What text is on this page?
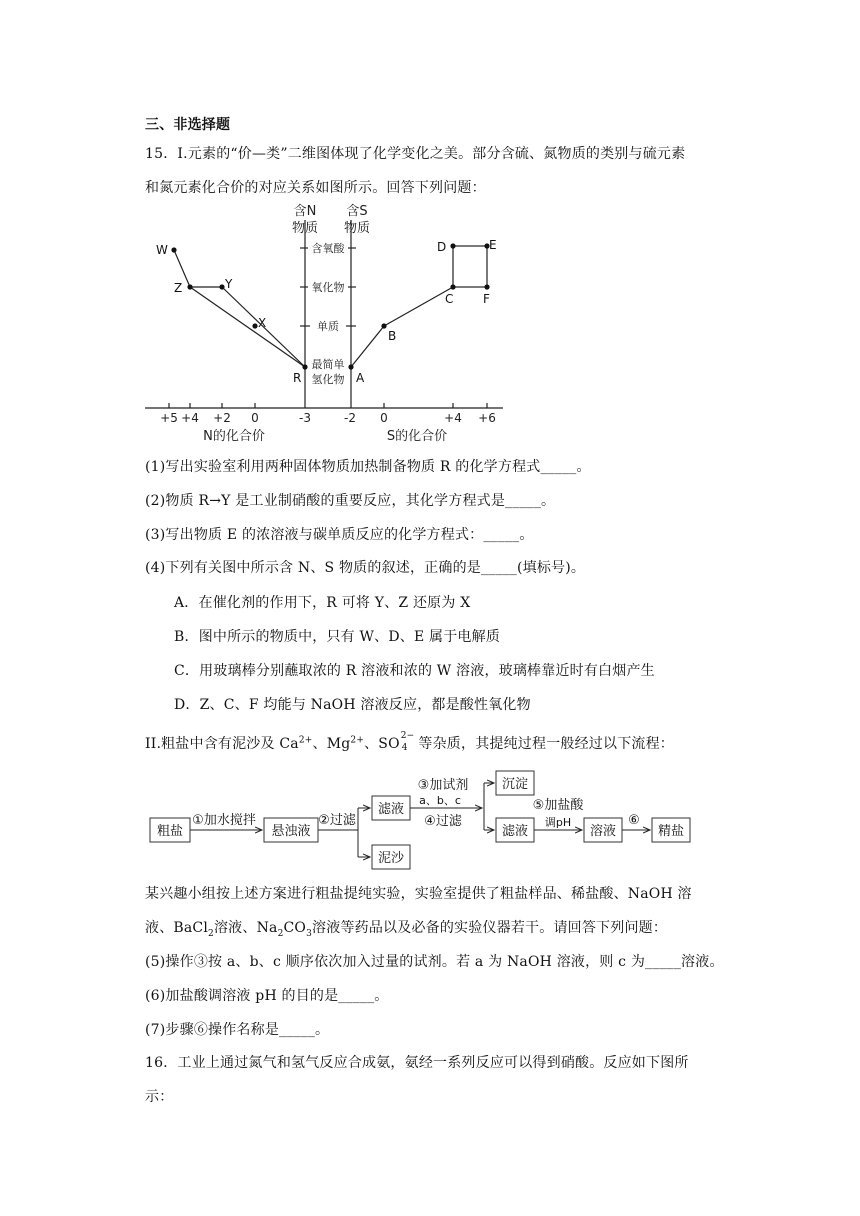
三、非选择题
15．I.元素的“价—类”二维图体现了化学变化之美。部分含硫、氮物质的类别与硫元素
和氮元素化合价的对应关系如图所示。回答下列问题：
含N
物质
含S
物质
含氧酸
氧化物
单质
最简单
氢化物
W
Z	Y
X
R	A
B
C
D	E
F
+5 +4 +2 0	-3	-2 0	+4 +6
N的化合价	S的化合价
(1)写出实验室利用两种固体物质加热制备物质 R 的化学方程式_____。
(2)物质 R→Y 是工业制硝酸的重要反应，其化学方程式是_____。
(3)写出物质 E 的浓溶液与碳单质反应的化学方程式：_____。
(4)下列有关图中所示含 N、S 物质的叙述，正确的是_____(填标号)。
A．在催化剂的作用下，R 可将 Y、Z 还原为 X
B．图中所示的物质中，只有 W、D、E 属于电解质
C．用玻璃棒分别蘸取浓的 R 溶液和浓的 W 溶液，玻璃棒靠近时有白烟产生
D．Z、C、F 均能与 NaOH 溶液反应，都是酸性氧化物
II.粗盐中含有泥沙及 $Ca^{2+}$、$Mg^{2+}$、SO 2−
4 等杂质，其提纯过程一般经过以下流程：
粗盐	悬浊液
滤液
泥沙
沉淀
滤液	溶液	精盐
①加水搅拌	②过滤
③加试剂
a、b、c
④过滤
⑤加盐酸
调pH	⑥
某兴趣小组按上述方案进行粗盐提纯实验，实验室提供了粗盐样品、稀盐酸、NaOH 溶
液、BaCl$_2$溶液、$Na_2CO_3$溶液等药品以及必备的实验仪器若干。请回答下列问题：
(5)操作③按 a、b、c 顺序依次加入过量的试剂。若 a 为 NaOH 溶液，则 c 为_____溶液。
(6)加盐酸调溶液 pH 的目的是_____。
(7)步骤⑥操作名称是_____。
16．工业上通过氮气和氢气反应合成氨，氨经一系列反应可以得到硝酸。反应如下图所
示：
